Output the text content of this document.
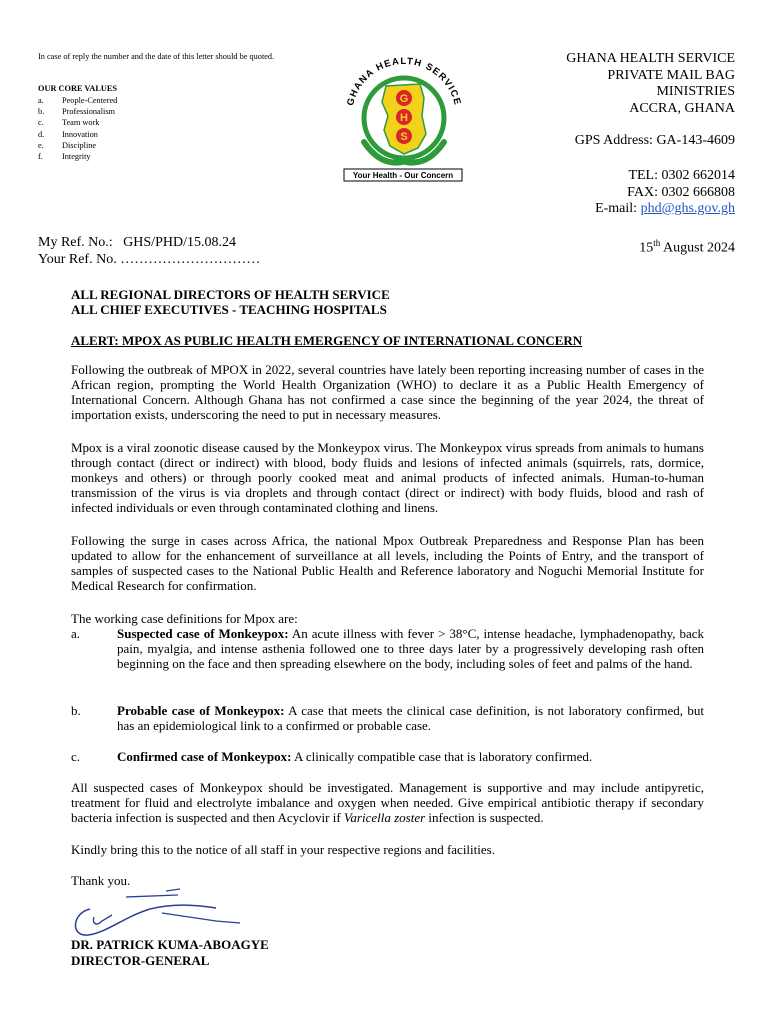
In case of reply the number and the date of this letter should be quoted.
OUR CORE VALUES
a.	People-Centered
b.	Professionalism
c.	Team work
d.	Innovation
e.	Discipline
f.	Integrity
GHANA HEALTH SERVICE
G
H
S
Your Health - Our Concern
GHANA HEALTH SERVICE
PRIVATE MAIL BAG
MINISTRIES
ACCRA, GHANA
GPS Address: GA-143-4609
TEL: 0302 662014
FAX: 0302 666808
E-mail: phd@ghs.gov.gh
My Ref. No.: GHS/PHD/15.08.24
Your Ref. No. …………………………
15th August 2024
ALL REGIONAL DIRECTORS OF HEALTH SERVICE
ALL CHIEF EXECUTIVES - TEACHING HOSPITALS
ALERT: MPOX AS PUBLIC HEALTH EMERGENCY OF INTERNATIONAL CONCERN
Following the outbreak of MPOX in 2022, several countries have lately been reporting increasing number of cases in the African region, prompting the World Health Organization (WHO) to declare it as a Public Health Emergency of International Concern. Although Ghana has not confirmed a case since the beginning of the year 2024, the threat of importation exists, underscoring the need to put in necessary measures.
Mpox is a viral zoonotic disease caused by the Monkeypox virus. The Monkeypox virus spreads from animals to humans through contact (direct or indirect) with blood, body fluids and lesions of infected animals (squirrels, rats, dormice, monkeys and others) or through poorly cooked meat and animal products of infected animals. Human-to-human transmission of the virus is via droplets and through contact (direct or indirect) with body fluids, blood and rash of infected individuals or even through contaminated clothing and linens.
Following the surge in cases across Africa, the national Mpox Outbreak Preparedness and Response Plan has been updated to allow for the enhancement of surveillance at all levels, including the Points of Entry, and the transport of samples of suspected cases to the National Public Health and Reference laboratory and Noguchi Memorial Institute for Medical Research for confirmation.
The working case definitions for Mpox are:
a.	Suspected case of Monkeypox: An acute illness with fever > 38°C, intense headache, lymphadenopathy, back pain, myalgia, and intense asthenia followed one to three days later by a progressively developing rash often beginning on the face and then spreading elsewhere on the body, including soles of feet and palms of the hand.
b.	Probable case of Monkeypox: A case that meets the clinical case definition, is not laboratory confirmed, but has an epidemiological link to a confirmed or probable case.
c.	Confirmed case of Monkeypox: A clinically compatible case that is laboratory confirmed.
All suspected cases of Monkeypox should be investigated. Management is supportive and may include antipyretic, treatment for fluid and electrolyte imbalance and oxygen when needed. Give empirical antibiotic therapy if secondary bacteria infection is suspected and then Acyclovir if Varicella zoster infection is suspected.
Kindly bring this to the notice of all staff in your respective regions and facilities.
Thank you.
DR. PATRICK KUMA-ABOAGYE
DIRECTOR-GENERAL
